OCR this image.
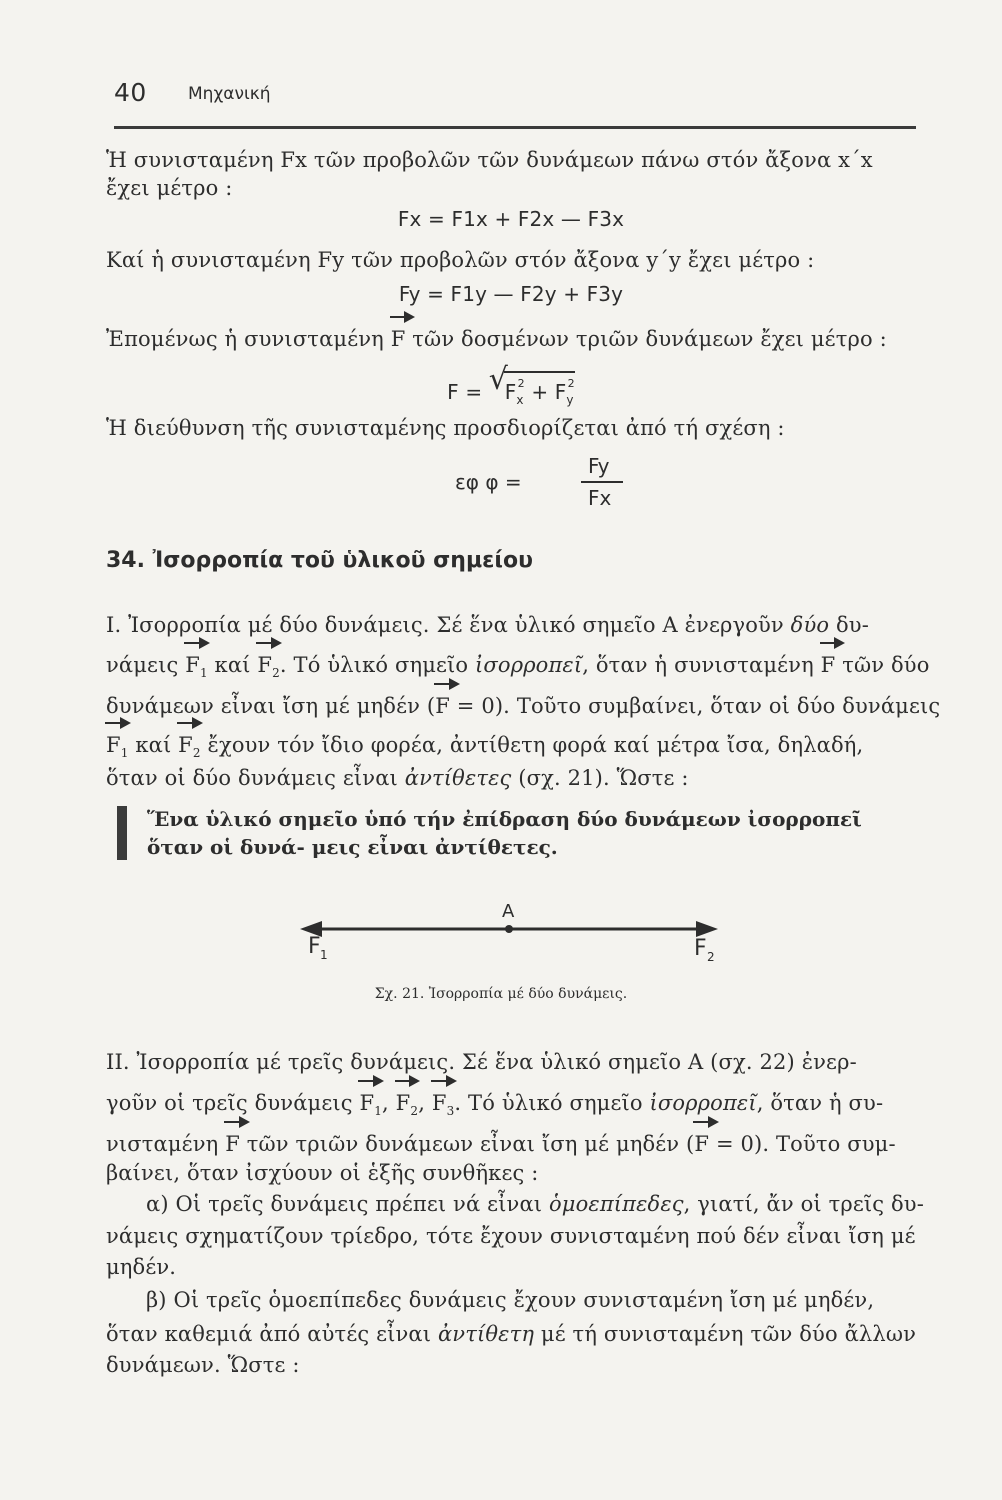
40 Μηχανική
Ἡ συνισταμένη Fx τῶν προβολῶν τῶν δυνάμεων πάνω στόν ἄξονα x΄x
ἔχει μέτρο :
Fx = F1x + F2x — F3x
Καί ἡ συνισταμένη Fy τῶν προβολῶν στόν ἄξονα y΄y ἔχει μέτρο :
Fy = F1y — F2y + F3y
Ἐπομένως ἡ συνισταμένη F τῶν δοσμένων τριῶν δυνάμεων ἔχει μέτρο :
F = √
$F_x^2 + F_y^2$
Ἡ διεύθυνση τῆς συνισταμένης προσδιορίζεται ἀπό τή σχέση :
εφ φ =
Fy
Fx
34. Ἰσορροπία τοῦ ὑλικοῦ σημείου
I. Ἰσορροπία μέ δύο δυνάμεις. Σέ ἕνα ὑλικό σημεῖο Α ἐνεργοῦν δύο δυ-
νάμεις $F_1$ καί $F_2$. Τό ὑλικό σημεῖο ἰσορροπεῖ, ὅταν ἡ συνισταμένη F τῶν δύο
δυνάμεων εἶναι ἴση μέ μηδέν (F = 0). Τοῦτο συμβαίνει, ὅταν οἱ δύο δυνάμεις
$F_1$ καί $F_2$ ἔχουν τόν ἴδιο φορέα, ἀντίθετη φορά καί μέτρα ἴσα, δηλαδή,
ὅταν οἱ δύο δυνάμεις εἶναι ἀντίθετες (σχ. 21). Ὥστε :
Ἕνα ὑλικό σημεῖο ὑπό τήν ἐπίδραση δύο δυνάμεων ἰσορροπεῖ ὅταν οἱ δυνά- μεις εἶναι ἀντίθετες.
A
F 1	F 2
Σχ. 21. Ἰσορροπία μέ δύο δυνάμεις.
II. Ἰσορροπία μέ τρεῖς δυνάμεις. Σέ ἕνα ὑλικό σημεῖο Α (σχ. 22) ἐνερ-
γοῦν οἱ τρεῖς δυνάμεις $F_1$, $F_2$, $F_3$. Τό ὑλικό σημεῖο ἰσορροπεῖ, ὅταν ἡ συ-
νισταμένη F τῶν τριῶν δυνάμεων εἶναι ἴση μέ μηδέν (F = 0). Τοῦτο συμ-
βαίνει, ὅταν ἰσχύουν οἱ ἑξῆς συνθῆκες :
α) Οἱ τρεῖς δυνάμεις πρέπει νά εἶναι ὁμοεπίπεδες, γιατί, ἄν οἱ τρεῖς δυ-
νάμεις σχηματίζουν τρίεδρο, τότε ἔχουν συνισταμένη πού δέν εἶναι ἴση μέ
μηδέν.
β) Οἱ τρεῖς ὁμοεπίπεδες δυνάμεις ἔχουν συνισταμένη ἴση μέ μηδέν,
ὅταν καθεμιά ἀπό αὐτές εἶναι ἀντίθετη μέ τή συνισταμένη τῶν δύο ἄλλων
δυνάμεων. Ὥστε :
